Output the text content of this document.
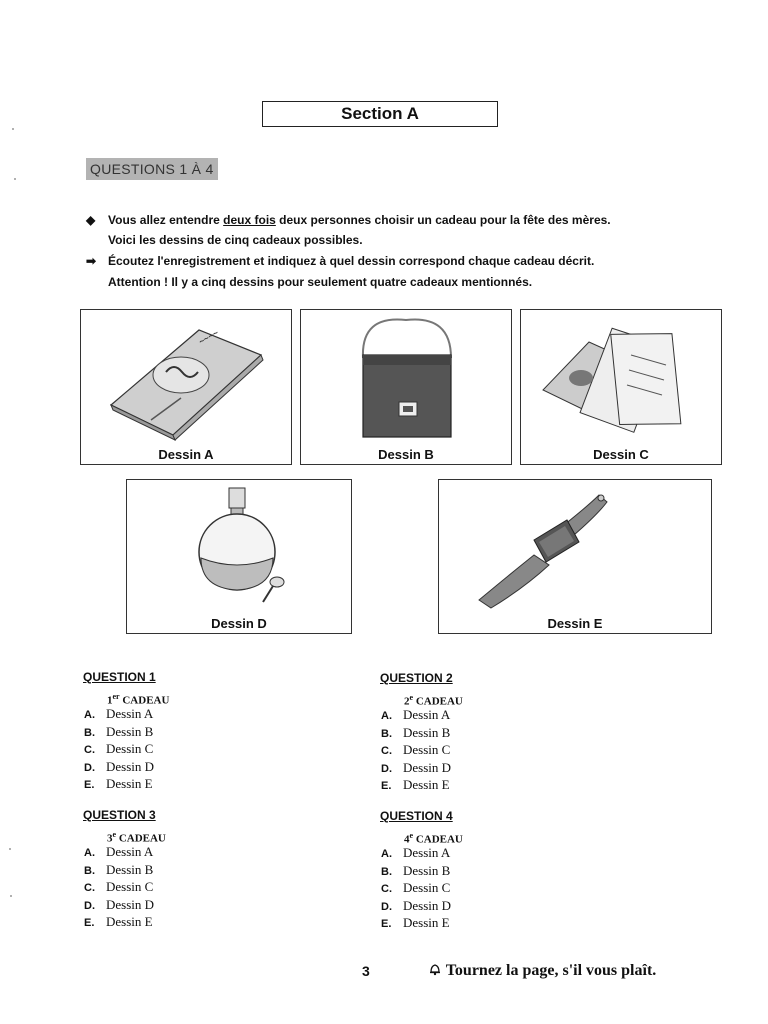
Section A
QUESTIONS 1 À 4
◆ Vous allez entendre deux fois deux personnes choisir un cadeau pour la fête des mères.
Voici les dessins de cinq cadeaux possibles.
➡ Écoutez l'enregistrement et indiquez à quel dessin correspond chaque cadeau décrit.
Attention ! Il y a cinq dessins pour seulement quatre cadeaux mentionnés.
~~~~
Dessin A	Dessin B	Dessin C
Dessin D	Dessin E
QUESTION 1
1er CADEAU
A. Dessin A
B. Dessin B
C. Dessin C
D. Dessin D
E. Dessin E
QUESTION 2
2e CADEAU
A. Dessin A
B. Dessin B
C. Dessin C
D. Dessin D
E. Dessin E
QUESTION 3
3e CADEAU
A. Dessin A
B. Dessin B
C. Dessin C
D. Dessin D
E. Dessin E
QUESTION 4
4e CADEAU
A. Dessin A
B. Dessin B
C. Dessin C
D. Dessin D
E. Dessin E
3	Tournez la page, s'il vous plaît.
